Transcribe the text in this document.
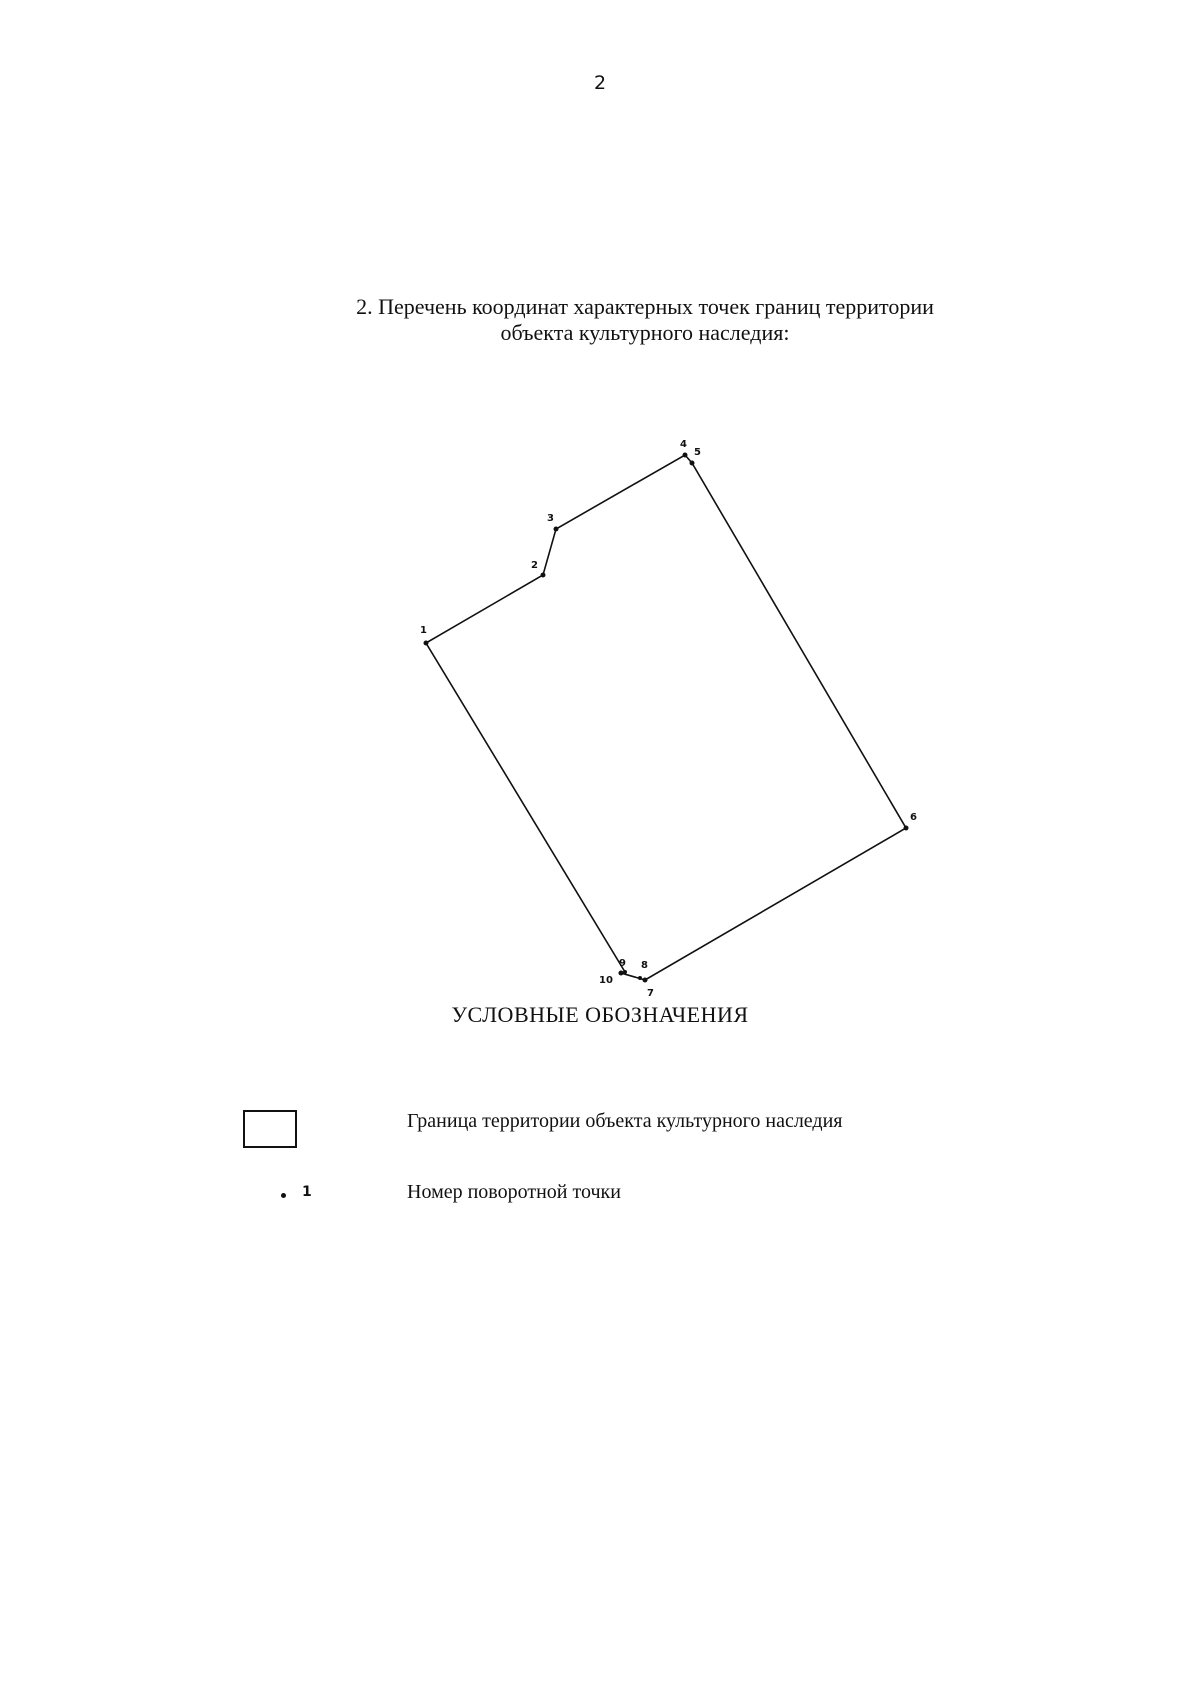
2
2. Перечень координат характерных точек границ территории
объекта культурного наследия:
1
2
3
4
5
6
7
8
9
10
УСЛОВНЫЕ ОБОЗНАЧЕНИЯ
Граница территории объекта культурного наследия
1	Номер поворотной точки
